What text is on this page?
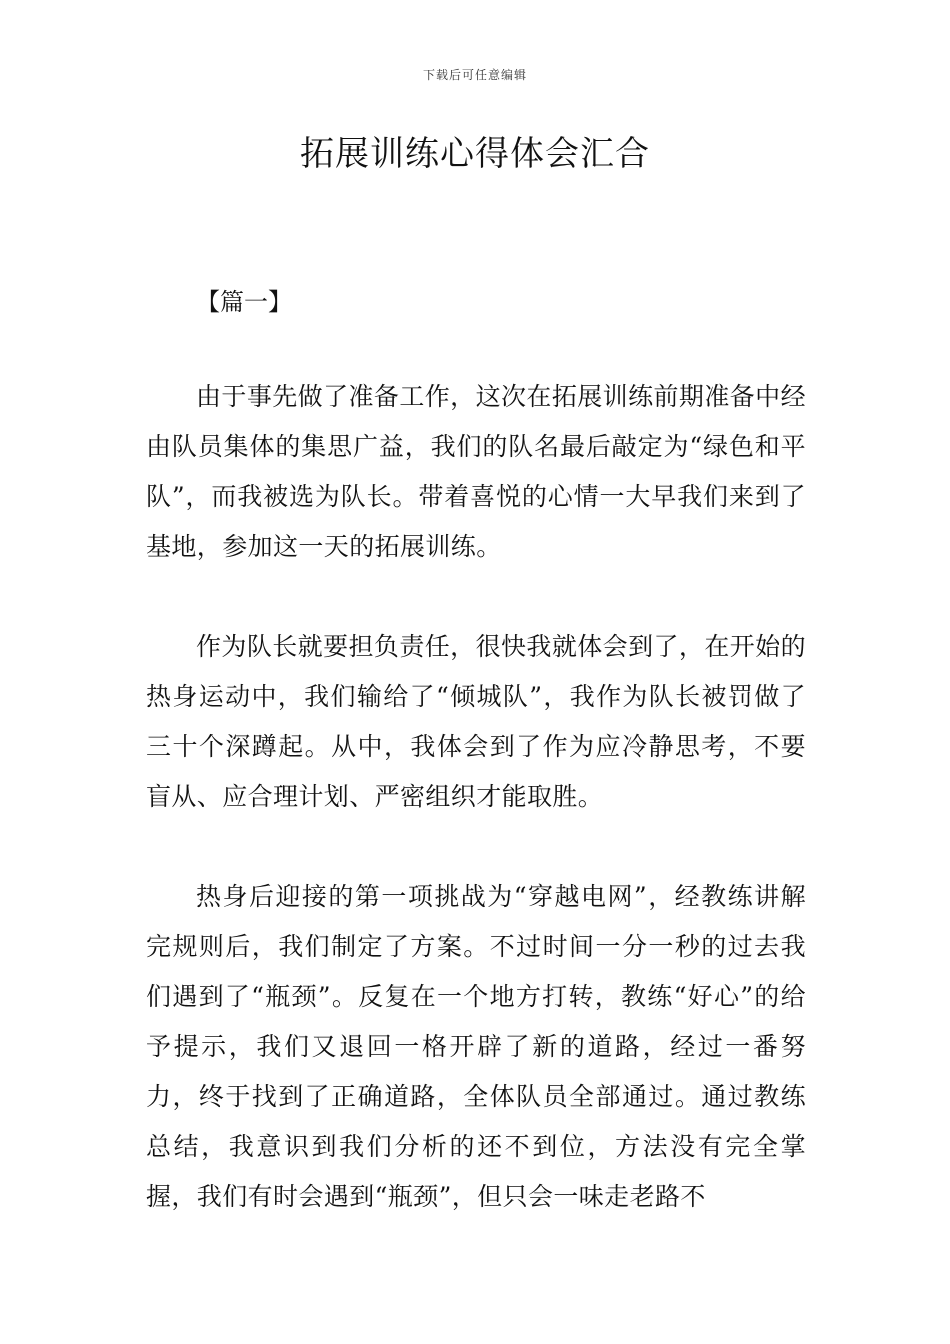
下载后可任意编辑
拓展训练心得体会汇合
【篇一】

由于事先做了准备工作，这次在拓展训练前期准备中经由队员集体的集思广益，我们的队名最后敲定为“绿色和平队”，而我被选为队长。带着喜悦的心情一大早我们来到了基地，参加这一天的拓展训练。

作为队长就要担负责任，很快我就体会到了，在开始的热身运动中，我们输给了“倾城队”，我作为队长被罚做了三十个深蹲起。从中，我体会到了作为应冷静思考，不要盲从、应合理计划、严密组织才能取胜。

热身后迎接的第一项挑战为“穿越电网”，经教练讲解完规则后，我们制定了方案。不过时间一分一秒的过去我们遇到了“瓶颈”。反复在一个地方打转，教练“好心”的给予提示，我们又退回一格开辟了新的道路，经过一番努力，终于找到了正确道路，全体队员全部通过。通过教练总结，我意识到我们分析的还不到位，方法没有完全掌握，我们有时会遇到“瓶颈”，但只会一味走老路不
